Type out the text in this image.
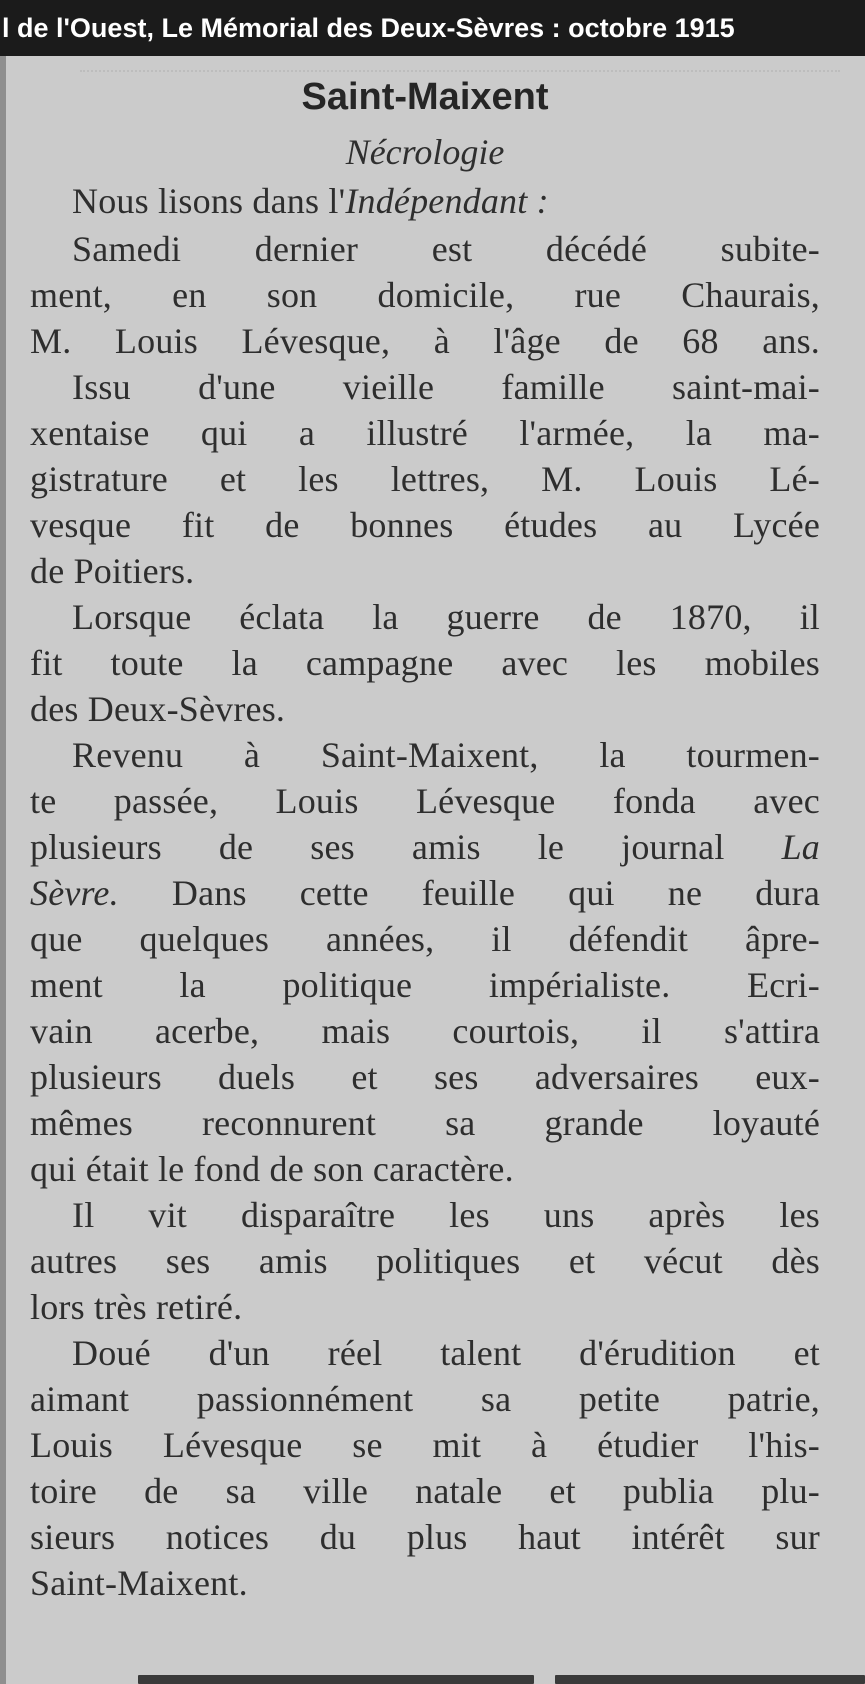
l de l'Ouest, Le Mémorial des Deux-Sèvres : octobre 1915
Saint-Maixent
Nécrologie
Nous lisons dans l'Indépendant :
Samedi dernier est décédé subite-
ment, en son domicile, rue Chaurais,
M. Louis Lévesque, à l'âge de 68 ans.
Issu d'une vieille famille saint-mai-
xentaise qui a illustré l'armée, la ma-
gistrature et les lettres, M. Louis Lé-
vesque fit de bonnes études au Lycée
de Poitiers.
Lorsque éclata la guerre de 1870, il
fit toute la campagne avec les mobiles
des Deux-Sèvres.
Revenu à Saint-Maixent, la tourmen-
te passée, Louis Lévesque fonda avec
plusieurs de ses amis le journal La
Sèvre. Dans cette feuille qui ne dura
que quelques années, il défendit âpre-
ment la politique impérialiste. Ecri-
vain acerbe, mais courtois, il s'attira
plusieurs duels et ses adversaires eux-
mêmes reconnurent sa grande loyauté
qui était le fond de son caractère.
Il vit disparaître les uns après les
autres ses amis politiques et vécut dès
lors très retiré.
Doué d'un réel talent d'érudition et
aimant passionnément sa petite patrie,
Louis Lévesque se mit à étudier l'his-
toire de sa ville natale et publia plu-
sieurs notices du plus haut intérêt sur
Saint-Maixent.
